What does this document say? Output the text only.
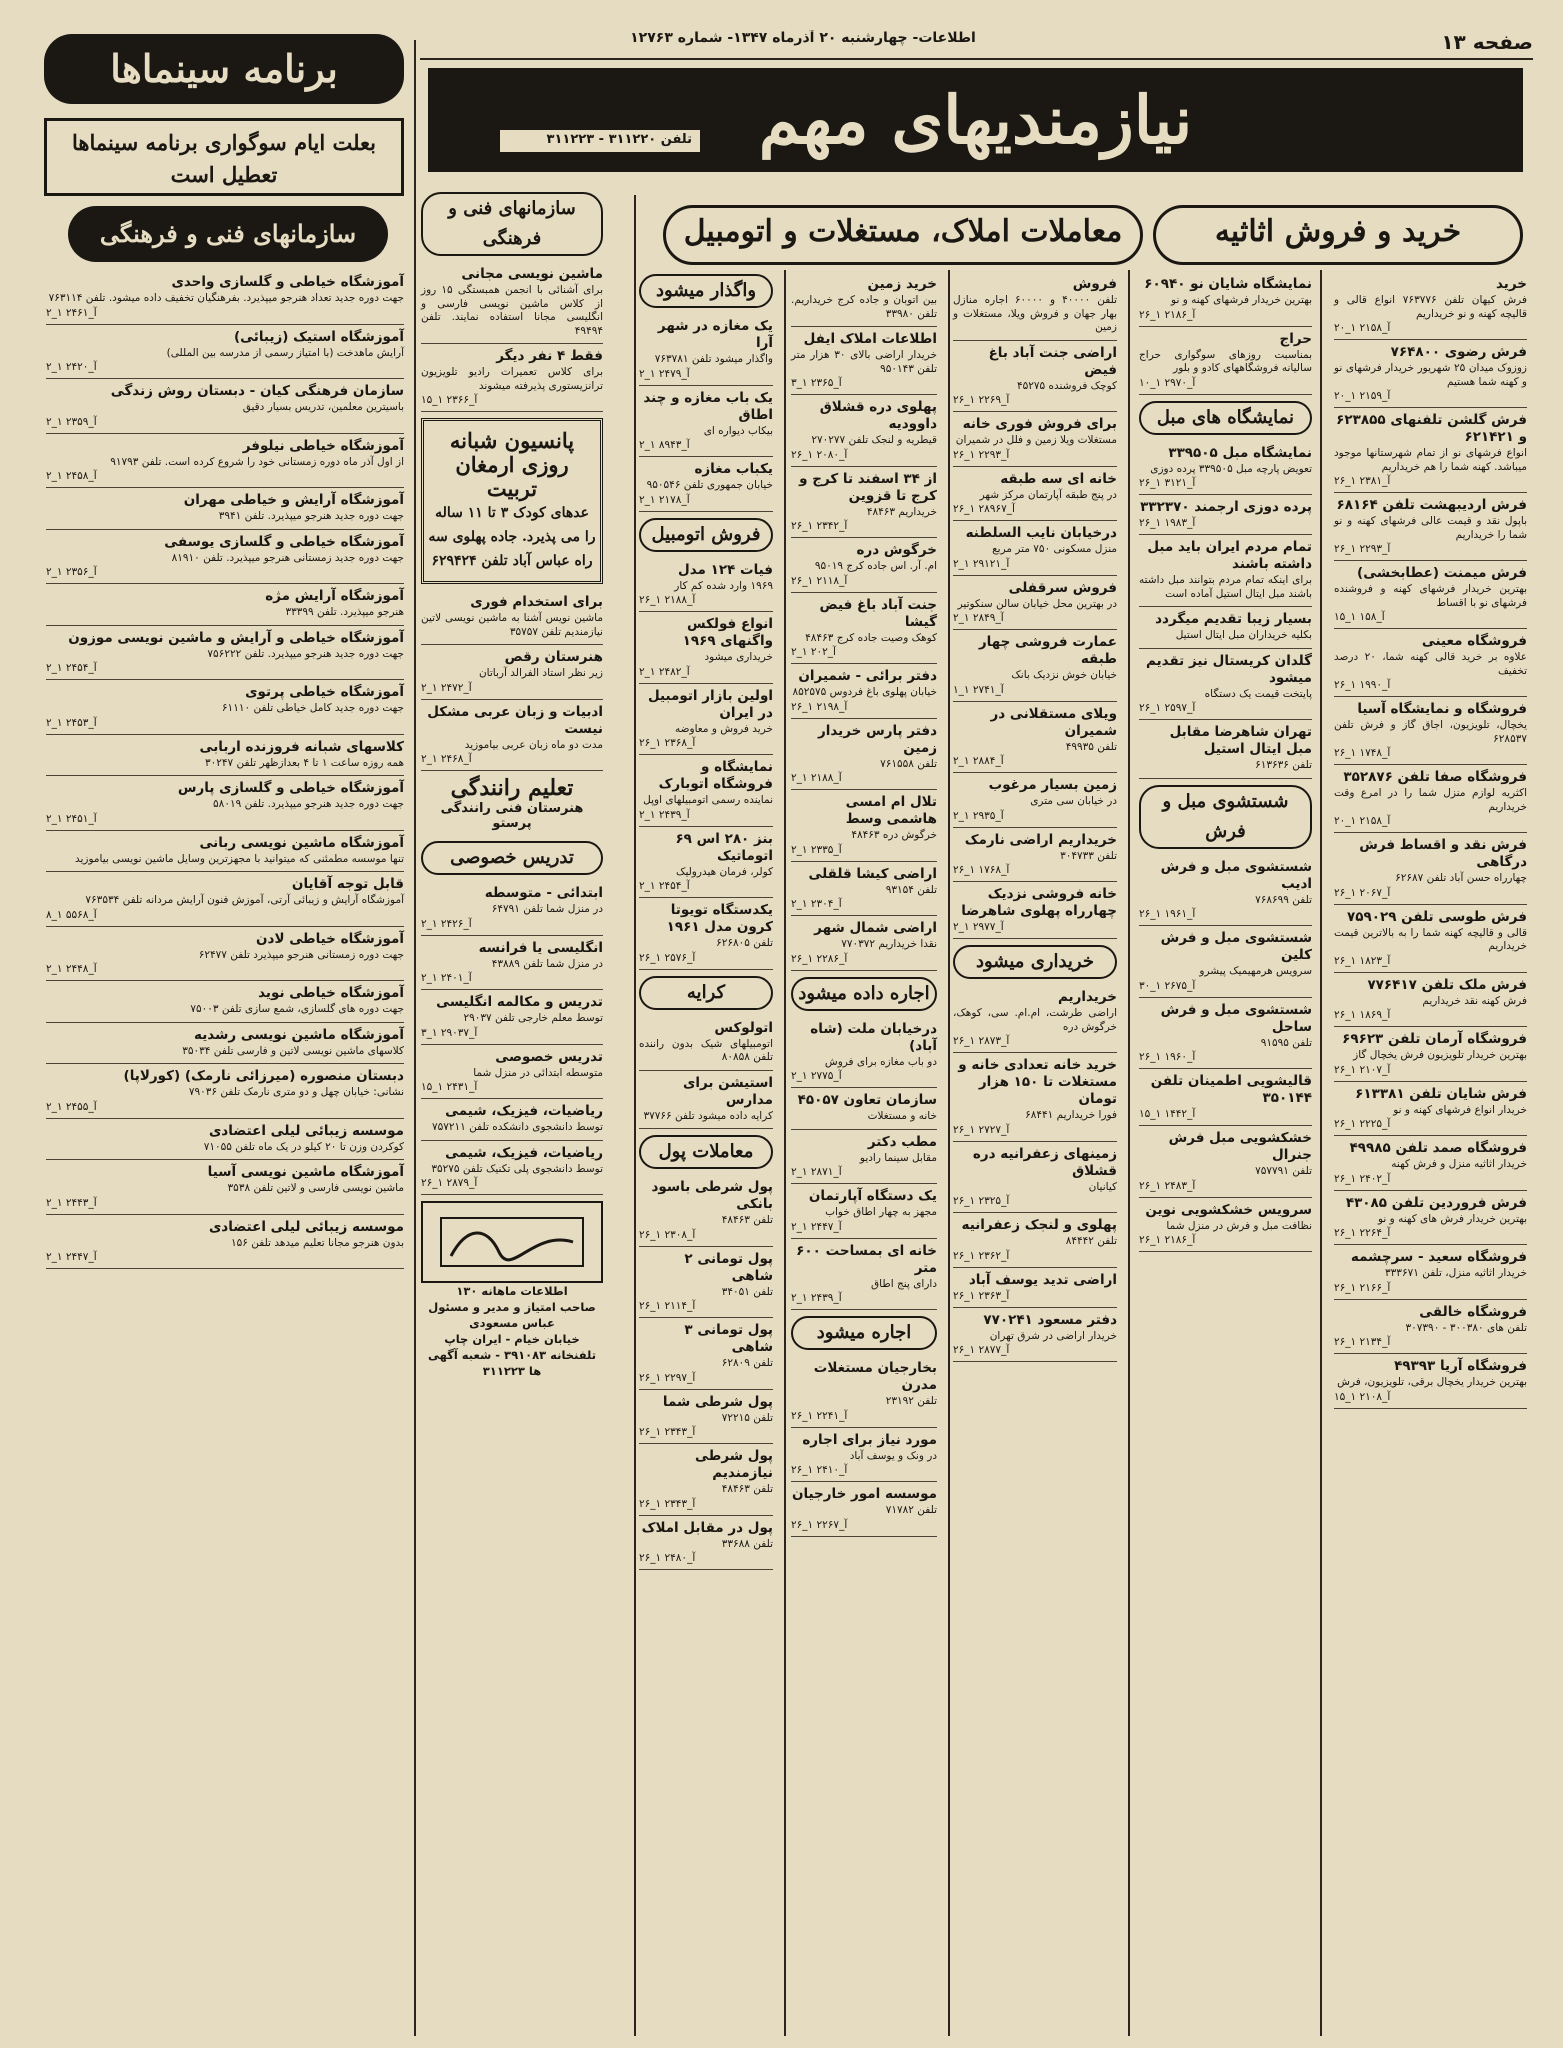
صفحه ۱۳
اطلاعات- چهارشنبه ۲۰ آذرماه ۱۳۴۷- شماره ۱۲۷۶۳
نیازمندیهای مهم
تلفن ۳۱۱۲۲۰ - ۳۱۱۲۲۳
خرید و فروش اثاثیه
معاملات املاک، مستغلات و اتومبیل
برنامه سینماها
بعلت ایام سوگواری برنامه سینماها تعطیل است
سازمانهای فنی و فرهنگی
خرید

فرش کیهان تلفن ۷۶۳۷۷۶ انواع قالی و قالیچه کهنه و نو خریداریم

آ_۲۱۵۸ ۱_۲۰
فرش رضوی ۷۶۴۸۰۰

زوزوک میدان ۲۵ شهریور خریدار فرشهای نو و کهنه شما هستیم

آ_۲۱۵۹ ۱_۲۰
فرش گلشن تلفنهای ۶۲۳۸۵۵ و ۶۲۱۴۲۱

انواع فرشهای نو از تمام شهرستانها موجود میباشد. کهنه شما را هم خریداریم

آ_۲۳۸۱ ۱_۲۶
فرش اردیبهشت تلفن ۶۸۱۶۴

باپول نقد و قیمت عالی فرشهای کهنه و نو شما را خریداریم

آ_۲۲۹۳ ۱_۲۶
فرش میمنت (عطابخشی)

بهترین خریدار فرشهای کهنه و فروشنده فرشهای نو با اقساط

آ_۱۵۸ ۱_۱۵
فروشگاه معینی

علاوه بر خرید قالی کهنه شما، ۲۰ درصد تخفیف

آ_۱۹۹۰ ۱_۲۶
فروشگاه و نمایشگاه آسیا

یخچال، تلویزیون، اجاق گاز و فرش تلفن ۶۲۸۵۳۷

آ_۱۷۴۸ ۱_۲۶
فروشگاه صفا تلفن ۳۵۲۸۷۶

اکثریه لوازم منزل شما را در امرع وقت خریداریم

آ_۲۱۵۸ ۱_۲۰
فرش نقد و اقساط فرش درگاهی

چهارراه حسن آباد تلفن ۶۲۶۸۷

آ_۲۰۶۷ ۱_۲۶
فرش طوسی تلفن ۷۵۹۰۲۹

قالی و قالیچه کهنه شما را به بالاترین قیمت خریداریم

آ_۱۸۲۳ ۱_۲۶
فرش ملک تلفن ۷۷۶۴۱۷

فرش کهنه نقد خریداریم

آ_۱۸۶۹ ۱_۲۶
فروشگاه آرمان تلفن ۶۹۶۲۳

بهترین خریدار تلویزیون فرش یخچال گاز

آ_۲۱۰۷ ۱_۲۶
فرش شایان تلفن ۶۱۳۳۸۱

خریدار انواع فرشهای کهنه و نو

آ_۲۲۲۵ ۱_۲۶
فروشگاه صمد تلفن ۴۹۹۸۵

خریدار اثاثیه منزل و فرش کهنه

آ_۲۴۰۲ ۱_۲۶
فرش فروردین تلفن ۴۳۰۸۵

بهترین خریدار فرش های کهنه و نو

آ_۲۲۶۴ ۱_۲۶
فروشگاه سعید - سرچشمه

خریدار اثاثیه منزل، تلفن ۳۳۳۶۷۱

آ_۲۱۶۶ ۱_۲۶
فروشگاه خالقی

تلفن های ۳۰۰۳۸۰ - ۳۰۷۳۹۰

آ_۲۱۳۴ ۱_۲۶
فروشگاه آریا ۴۹۳۹۳

بهترین خریدار یخچال برقی، تلویزیون، فرش

آ_۲۱۰۸ ۱_۱۵
نمایشگاه شایان نو ۶۰۹۴۰

بهترین خریدار فرشهای کهنه و نو

آ_۲۱۸۶ ۱_۲۶
حراج

بمناسبت روزهای سوگواری حراج سالیانه فروشگاههای کادو و بلور

آ_۲۹۷۰ ۱_۱۰
نمایشگاه های مبل
نمایشگاه مبل ۳۳۹۵۰۵

تعویض پارچه مبل ۳۳۹۵۰۵ پرده دوزی

آ_۳۱۲۱ ۱_۲۶
پرده دوزی ارجمند ۳۳۲۳۷۰
آ_۱۹۸۳ ۱_۲۶
تمام مردم ایران باید مبل داشته باشند

برای اینکه تمام مردم بتوانند مبل داشته باشند مبل ایتال استیل آماده است

بسیار زیبا تقدیم میگردد

بکلیه خریداران مبل ایتال استیل

گلدان کریستال نیز تقدیم میشود

پایتخت قیمت یک دستگاه

آ_۲۵۹۷ ۱_۲۶
تهران شاهرضا مقابل مبل ایتال استیل

تلفن ۶۱۳۶۳۶

شستشوی مبل و فرش
شستشوی مبل و فرش ادیب

تلفن ۷۶۸۶۹۹

آ_۱۹۶۱ ۱_۲۶
شستشوی مبل و فرش کلین

سرویس هرمهیمیک پیشرو

آ_۲۶۷۵ ۱_۳۰
شستشوی مبل و فرش ساحل

تلفن ۹۱۵۹۵

آ_۱۹۶۰ ۱_۲۶
قالیشویی اطمینان تلفن ۳۵۰۱۴۴
آ_۱۴۴۲ ۱_۱۵
خشکشویی مبل فرش جنرال

تلفن ۷۵۷۷۹۱

آ_۲۴۸۳ ۱_۲۶
سرویس خشکشویی نوین

نظافت مبل و فرش در منزل شما

آ_۲۱۸۶ ۱_۲۶
فروش

تلفن ۴۰۰۰۰ و ۶۰۰۰۰ اجاره منازل بهار جهان و فروش ویلا، مستغلات و زمین

اراضی جنت آباد باغ فیض

کوچک فروشنده ۴۵۲۷۵

آ_۲۲۶۹ ۱_۲۶
برای فروش فوری خانه

مستغلات ویلا زمین و فلل در شمیران

آ_۲۲۹۳ ۱_۲۶
خانه ای سه طبقه

در پنج طبقه آپارتمان مرکز شهر

آ_۲۸۹۶۷ ۱_۲۶
درخیابان نایب السلطنه

منزل مسکونی ۷۵۰ متر مربع

آ_۲۹۱۲۱ ۱_۲
فروش سرقفلی

در بهترین محل خیابان سالن سنکوتیر

آ_۲۸۴۹ ۱_۲
عمارت فروشی چهار طبقه

خیابان خوش نزدیک بانک

آ_۲۷۴۱ ۱_۱
ویلای مستقلانی در شمیران

تلفن ۴۹۹۳۵

آ_۲۸۸۴ ۱_۲
زمین بسیار مرغوب

در خیابان سی متری

آ_۲۹۳۵ ۱_۲
خریداریم اراضی نارمک

تلفن ۳۰۴۷۳۳

آ_۱۷۶۸ ۱_۲۶
خانه فروشی نزدیک چهارراه پهلوی شاهرضا
آ_۲۹۷۷ ۱_۲
خریداری میشود
خریداریم

اراضی طرشت، ام.ام. سی، کوهک، خرگوش دره

آ_۲۸۷۳ ۱_۲۶
خرید خانه تعدادی خانه و مستغلات تا ۱۵۰ هزار تومان

فورا خریداریم ۶۸۴۴۱

آ_۲۷۲۷ ۱_۲۶
زمینهای زعفرانیه دره قشلاق

کیانیان

آ_۲۳۲۵ ۱_۲۶
پهلوی و لنجک زعفرانیه

تلفن ۸۴۴۴۲

آ_۲۳۶۲ ۱_۲۶
اراضی تدید یوسف آباد
آ_۲۳۶۳ ۱_۲۶
دفتر مسعود ۷۷۰۲۴۱

خریدار اراضی در شرق تهران

آ_۲۸۷۷ ۱_۲۶
خرید زمین

بین اتوبان و جاده کرج خریداریم. تلفن ۳۳۹۸۰

اطلاعات املاک ایفل

خریدار اراضی بالای ۳۰ هزار متر تلفن ۹۵۰۱۴۳

آ_۲۳۶۵ ۱_۳
پهلوی دره قشلاق داوودیه

قیطریه و لنجک تلفن ۲۷۰۲۷۷

آ_۲۰۸۰ ۱_۲۶
از ۳۴ اسفند تا کرج و کرج تا قزوین

خریداریم ۴۸۴۶۳

آ_۲۳۴۲ ۱_۲۶
خرگوش دره

ام. آر. اس جاده کرج ۹۵۰۱۹

آ_۲۱۱۸ ۱_۲۶
جنت آباد باغ فیض گیشا

کوهک وصیت جاده کرج ۴۸۴۶۳

آ_۲۰۲ ۱_۲
دفتر برائی - شمیران

خیابان پهلوی باغ فردوس ۸۵۲۵۷۵

آ_۲۱۹۸ ۱_۲۶
دفتر پارس خریدار زمین

تلفن ۷۶۱۵۵۸

آ_۲۱۸۸ ۱_۲
تلال ام امسی هاشمی وسط

خرگوش دره ۴۸۴۶۳

آ_۲۳۳۵ ۱_۲
اراضی کیشا قلقلی

تلفن ۹۳۱۵۴

آ_۲۳۰۴ ۱_۲
اراضی شمال شهر

نقدا خریداریم ۷۷۰۳۷۲

آ_۲۲۸۶ ۱_۲۶
اجاره داده میشود
درخیابان ملت (شاه آباد)

دو باب مغازه برای فروش

آ_۲۷۷۵ ۱_۲
سازمان تعاون ۴۵۰۵۷

خانه و مستغلات

مطب دکتر

مقابل سینما رادیو

آ_۲۸۷۱ ۱_۲
یک دستگاه آپارتمان

مجهز به چهار اطاق خواب

آ_۲۴۴۷ ۱_۲
خانه ای بمساحت ۶۰۰ متر

دارای پنج اطاق

آ_۲۴۳۹ ۱_۲
اجاره میشود
بخارجیان مستغلات مدرن

تلفن ۲۳۱۹۲

آ_۲۲۴۱ ۱_۲۶
مورد نیاز برای اجاره

در ونک و یوسف آباد

آ_۲۴۱۰ ۱_۲۶
موسسه امور خارجیان

تلفن ۷۱۷۸۲

آ_۲۲۶۷ ۱_۲۶
واگذار میشود
یک مغازه در شهر آرا

واگذار میشود تلفن ۷۶۳۷۸۱

آ_۲۴۷۹ ۱_۲
یک باب مغازه و چند اطاق

بیکاب دیواره ای

آ_۸۹۴۳ ۱_۲
یکباب مغازه

خیابان جمهوری تلفن ۹۵۰۵۴۶

آ_۲۱۷۸ ۱_۲
فروش اتومبیل
فیات ۱۲۴ مدل

۱۹۶۹ وارد شده کم کار

آ_۲۱۸۸ ۱_۲۶
انواع فولکس واگنهای ۱۹۶۹

خریداری میشود

آ_۲۴۸۲ ۱_۲
اولین بازار اتومبیل در ایران

خرید فروش و معاوضه

آ_۲۳۶۸ ۱_۲۶
نمایشگاه و فروشگاه اتوبارک

نماینده رسمی اتومبیلهای اوپل

آ_۲۴۳۹ ۱_۲
بنز ۲۸۰ اس ۶۹ اتوماتیک

کولر، فرمان هیدرولیک

آ_۲۴۵۴ ۱_۲
یکدستگاه تویوتا کرون مدل ۱۹۶۱

تلفن ۶۲۶۸۰۵

آ_۲۵۷۶ ۱_۲۶
کرایه
اتولوکس

اتومبیلهای شیک بدون راننده تلفن ۸۰۸۵۸

استیشن برای مدارس

کرایه داده میشود تلفن ۳۷۷۶۶

معاملات پول
پول شرطی باسود بانکی

تلفن ۴۸۴۶۳

آ_۲۳۰۸ ۱_۲۶
پول تومانی ۲ شاهی

تلفن ۳۴۰۵۱

آ_۲۱۱۴ ۱_۲۶
پول تومانی ۳ شاهی

تلفن ۶۲۸۰۹

آ_۲۲۹۷ ۱_۲۶
پول شرطی شما

تلفن ۷۲۲۱۵

آ_۲۳۴۳ ۱_۲۶
پول شرطی نیازمندیم

تلفن ۴۸۴۶۳

آ_۲۳۴۳ ۱_۲۶
پول در مقابل املاک

تلفن ۳۳۶۸۸

آ_۲۴۸۰ ۱_۲۶
سازمانهای فنی و فرهنگی
ماشین نویسی مجانی

برای آشنائی با انجمن همبستگی ۱۵ روز از کلاس ماشین نویسی فارسی و انگلیسی مجانا استفاده نمایند. تلفن ۴۹۴۹۴

فقط ۴ نفر دیگر

برای کلاس تعمیرات رادیو تلویزیون ترانزیستوری پذیرفته میشوند

آ_۲۳۶۶ ۱_۱۵
پانسیون شبانه روزی ارمغان تربیت
عدهای کودک ۳ تا ۱۱ ساله را می پذیرد. جاده پهلوی سه راه عباس آباد تلفن ۶۲۹۴۲۴
برای استخدام فوری

ماشین نویس آشنا به ماشین نویسی لاتین نیازمندیم تلفن ۳۵۷۵۷

هنرستان رقص

زیر نظر استاد الفرالد آرباتان

آ_۲۴۷۲ ۱_۲
ادبیات و زبان عربی مشکل نیست

مدت دو ماه زبان عربی بیاموزید

آ_۲۴۶۸ ۱_۲
تعلیم رانندگی
هنرستان فنی رانندگی پرستو
تدریس خصوصی
ابتدائی - متوسطه

در منزل شما تلفن ۶۴۷۹۱

آ_۲۴۲۶ ۱_۲
انگلیسی یا فرانسه

در منزل شما تلفن ۴۳۸۸۹

آ_۲۴۰۱ ۱_۲
تدریس و مکالمه انگلیسی

توسط معلم خارجی تلفن ۲۹۰۳۷

آ_۲۹۰۳۷ ۱_۳
تدریس خصوصی

متوسطه ابتدائی در منزل شما

آ_۲۴۳۱ ۱_۱۵
ریاضیات، فیزیک، شیمی

توسط دانشجوی دانشکده تلفن ۷۵۷۲۱۱

ریاضیات، فیزیک، شیمی

توسط دانشجوی پلی تکنیک تلفن ۳۵۲۷۵

آ_۲۸۷۹ ۱_۲۶
اطلاعات ماهانه ۱۳۰
صاحب امتیاز و مدیر و مسئول عباس مسعودی
خیابان خیام - ایران چاپ
تلفنخانه ۳۹۱۰۸۳ - شعبه آگهی ها ۳۱۱۲۲۳
آموزشگاه خیاطی و گلسازی واحدی

جهت دوره جدید تعداد هنرجو میپذیرد. بفرهنگیان تخفیف داده میشود. تلفن ۷۶۳۱۱۴

آ_۲۴۶۱ ۱_۲
آموزشگاه استیک (زیبائی)

آرایش ماهدخت (با امتیاز رسمی از مدرسه بین المللی)

آ_۲۴۲۰ ۱_۲
سازمان فرهنگی کیان - دبستان روش زندگی

باسیترین معلمین، تدریس بسیار دقیق

آ_۲۳۵۹ ۱_۲
آموزشگاه خیاطی نیلوفر

از اول آذر ماه دوره زمستانی خود را شروع کرده است. تلفن ۹۱۷۹۳

آ_۲۴۵۸ ۱_۲
آموزشگاه آرایش و خیاطی مهران

جهت دوره جدید هنرجو میپذیرد. تلفن ۳۹۴۱

آموزشگاه خیاطی و گلسازی یوسفی

جهت دوره جدید زمستانی هنرجو میپذیرد. تلفن ۸۱۹۱۰

آ_۲۳۵۶ ۱_۲
آموزشگاه آرایش مژه

هنرجو میپذیرد. تلفن ۳۳۳۹۹

آموزشگاه خیاطی و آرایش و ماشین نویسی موزون

جهت دوره جدید هنرجو میپذیرد. تلفن ۷۵۶۲۲۲

آ_۲۴۵۴ ۱_۲
آموزشگاه خیاطی پرتوی

جهت دوره جدید کامل خیاطی تلفن ۶۱۱۱۰

آ_۲۴۵۳ ۱_۲
کلاسهای شبانه فروزنده اربابی

همه روزه ساعت ۱ تا ۴ بعدازظهر تلفن ۳۰۲۴۷

آموزشگاه خیاطی و گلسازی پارس

جهت دوره جدید هنرجو میپذیرد. تلفن ۵۸۰۱۹

آ_۲۴۵۱ ۱_۲
آموزشگاه ماشین نویسی ربانی

تنها موسسه مطمئنی که میتوانید با مجهزترین وسایل ماشین نویسی بیاموزید

قابل توجه آقایان

آموزشگاه آرایش و زیبائی آرتی، آموزش فنون آرایش مردانه تلفن ۷۶۳۵۳۴

آ_۵۵۶۸ ۱_۸
آموزشگاه خیاطی لادن

جهت دوره زمستانی هنرجو میپذیرد تلفن ۶۲۴۷۷

آ_۲۴۴۸ ۱_۲
آموزشگاه خیاطی نوید

جهت دوره های گلسازی، شمع سازی تلفن ۷۵۰۰۳

آموزشگاه ماشین نویسی رشدیه

کلاسهای ماشین نویسی لاتین و فارسی تلفن ۳۵۰۳۴

دبستان منصوره (میرزائی نارمک) (کورلاپا)

نشانی: خیابان چهل و دو متری نارمک تلفن ۷۹۰۳۶

آ_۲۴۵۵ ۱_۲
موسسه زیبائی لیلی اعتضادی

کوکردن وزن تا ۲۰ کیلو در یک ماه تلفن ۷۱۰۵۵

آموزشگاه ماشین نویسی آسیا

ماشین نویسی فارسی و لاتین تلفن ۳۵۳۸

آ_۲۴۴۳ ۱_۲
موسسه زیبائی لیلی اعتضادی

بدون هنرجو مجانا تعلیم میدهد تلفن ۱۵۶

آ_۲۴۴۷ ۱_۲
